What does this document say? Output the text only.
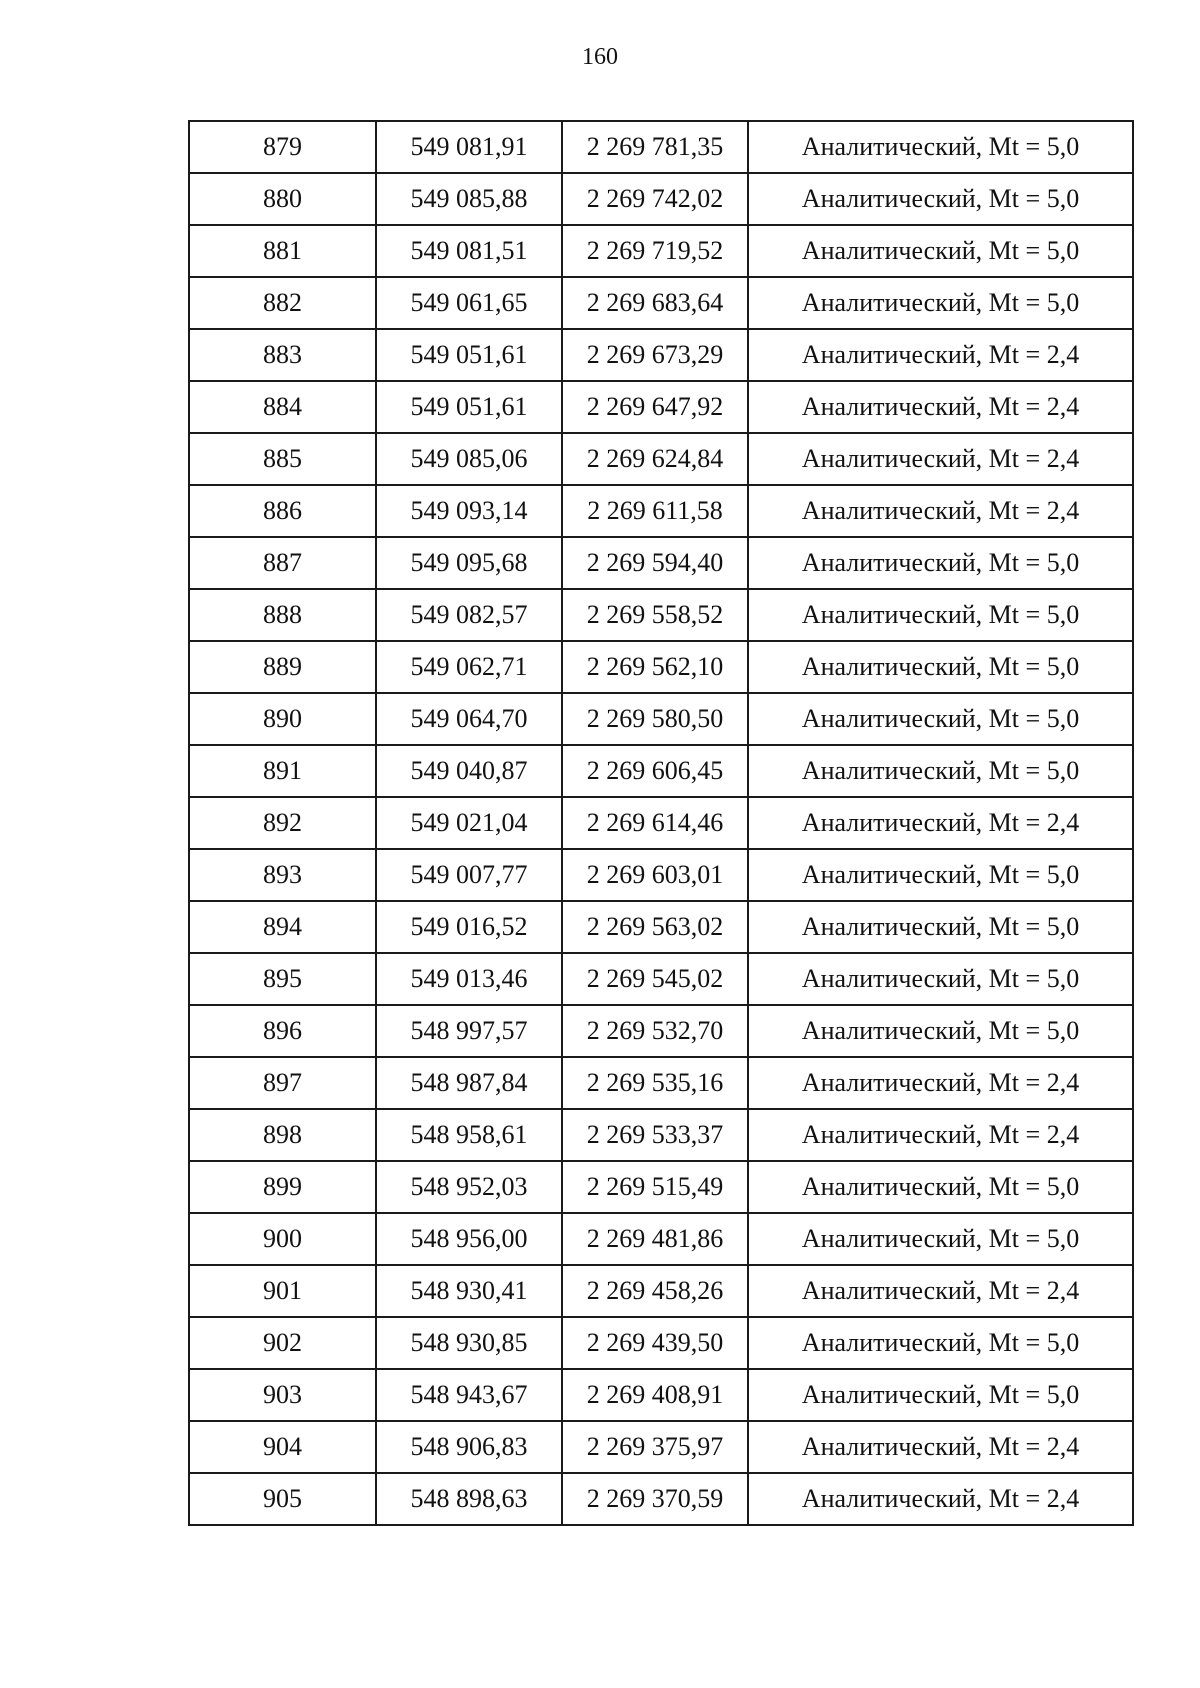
160
879	549 081,91	2 269 781,35	Аналитический, Mt = 5,0
880	549 085,88	2 269 742,02	Аналитический, Mt = 5,0
881	549 081,51	2 269 719,52	Аналитический, Mt = 5,0
882	549 061,65	2 269 683,64	Аналитический, Mt = 5,0
883	549 051,61	2 269 673,29	Аналитический, Mt = 2,4
884	549 051,61	2 269 647,92	Аналитический, Mt = 2,4
885	549 085,06	2 269 624,84	Аналитический, Mt = 2,4
886	549 093,14	2 269 611,58	Аналитический, Mt = 2,4
887	549 095,68	2 269 594,40	Аналитический, Mt = 5,0
888	549 082,57	2 269 558,52	Аналитический, Mt = 5,0
889	549 062,71	2 269 562,10	Аналитический, Mt = 5,0
890	549 064,70	2 269 580,50	Аналитический, Mt = 5,0
891	549 040,87	2 269 606,45	Аналитический, Mt = 5,0
892	549 021,04	2 269 614,46	Аналитический, Mt = 2,4
893	549 007,77	2 269 603,01	Аналитический, Mt = 5,0
894	549 016,52	2 269 563,02	Аналитический, Mt = 5,0
895	549 013,46	2 269 545,02	Аналитический, Mt = 5,0
896	548 997,57	2 269 532,70	Аналитический, Mt = 5,0
897	548 987,84	2 269 535,16	Аналитический, Mt = 2,4
898	548 958,61	2 269 533,37	Аналитический, Mt = 2,4
899	548 952,03	2 269 515,49	Аналитический, Mt = 5,0
900	548 956,00	2 269 481,86	Аналитический, Mt = 5,0
901	548 930,41	2 269 458,26	Аналитический, Mt = 2,4
902	548 930,85	2 269 439,50	Аналитический, Mt = 5,0
903	548 943,67	2 269 408,91	Аналитический, Mt = 5,0
904	548 906,83	2 269 375,97	Аналитический, Mt = 2,4
905	548 898,63	2 269 370,59	Аналитический, Mt = 2,4
